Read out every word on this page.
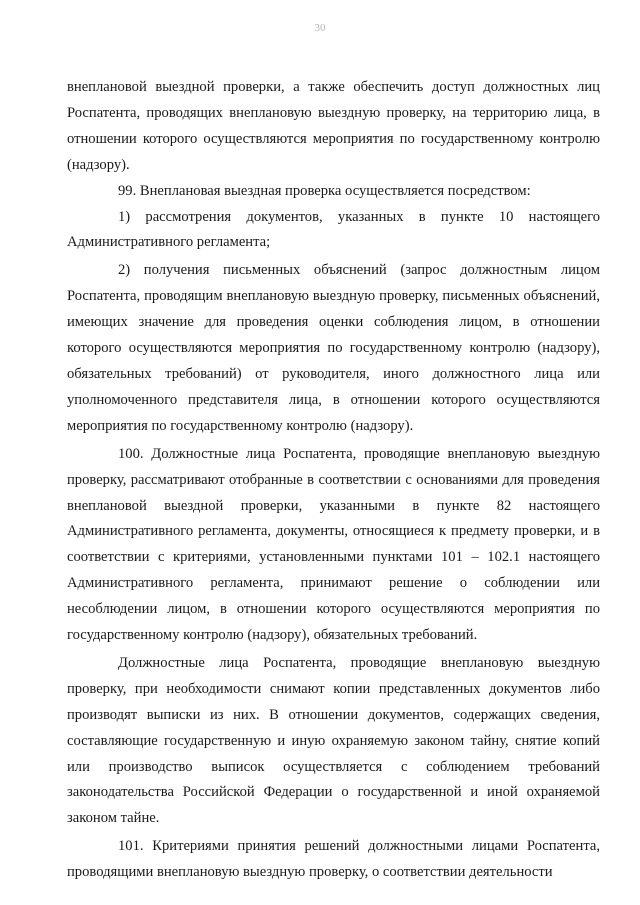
30

внеплановой выездной проверки, а также обеспечить доступ должностных лиц Роспатента, проводящих внеплановую выездную проверку, на территорию лица, в отношении которого осуществляются мероприятия по государственному контролю (надзору).

99. Внеплановая выездная проверка осуществляется посредством:

1) рассмотрения документов, указанных в пункте 10 настоящего Административного регламента;

2) получения письменных объяснений (запрос должностным лицом Роспатента, проводящим внеплановую выездную проверку, письменных объяснений, имеющих значение для проведения оценки соблюдения лицом, в отношении которого осуществляются мероприятия по государственному контролю (надзору), обязательных требований) от руководителя, иного должностного лица или уполномоченного представителя лица, в отношении которого осуществляются мероприятия по государственному контролю (надзору).

100. Должностные лица Роспатента, проводящие внеплановую выездную проверку, рассматривают отобранные в соответствии с основаниями для проведения внеплановой выездной проверки, указанными в пункте 82 настоящего Административного регламента, документы, относящиеся к предмету проверки, и в соответствии с критериями, установленными пунктами 101 – 102.1 настоящего Административного регламента, принимают решение о соблюдении или несоблюдении лицом, в отношении которого осуществляются мероприятия по государственному контролю (надзору), обязательных требований.

Должностные лица Роспатента, проводящие внеплановую выездную проверку, при необходимости снимают копии представленных документов либо производят выписки из них. В отношении документов, содержащих сведения, составляющие государственную и иную охраняемую законом тайну, снятие копий или производство выписок осуществляется с соблюдением требований законодательства Российской Федерации о государственной и иной охраняемой законом тайне.

101. Критериями принятия решений должностными лицами Роспатента, проводящими внеплановую выездную проверку, о соответствии деятельности
